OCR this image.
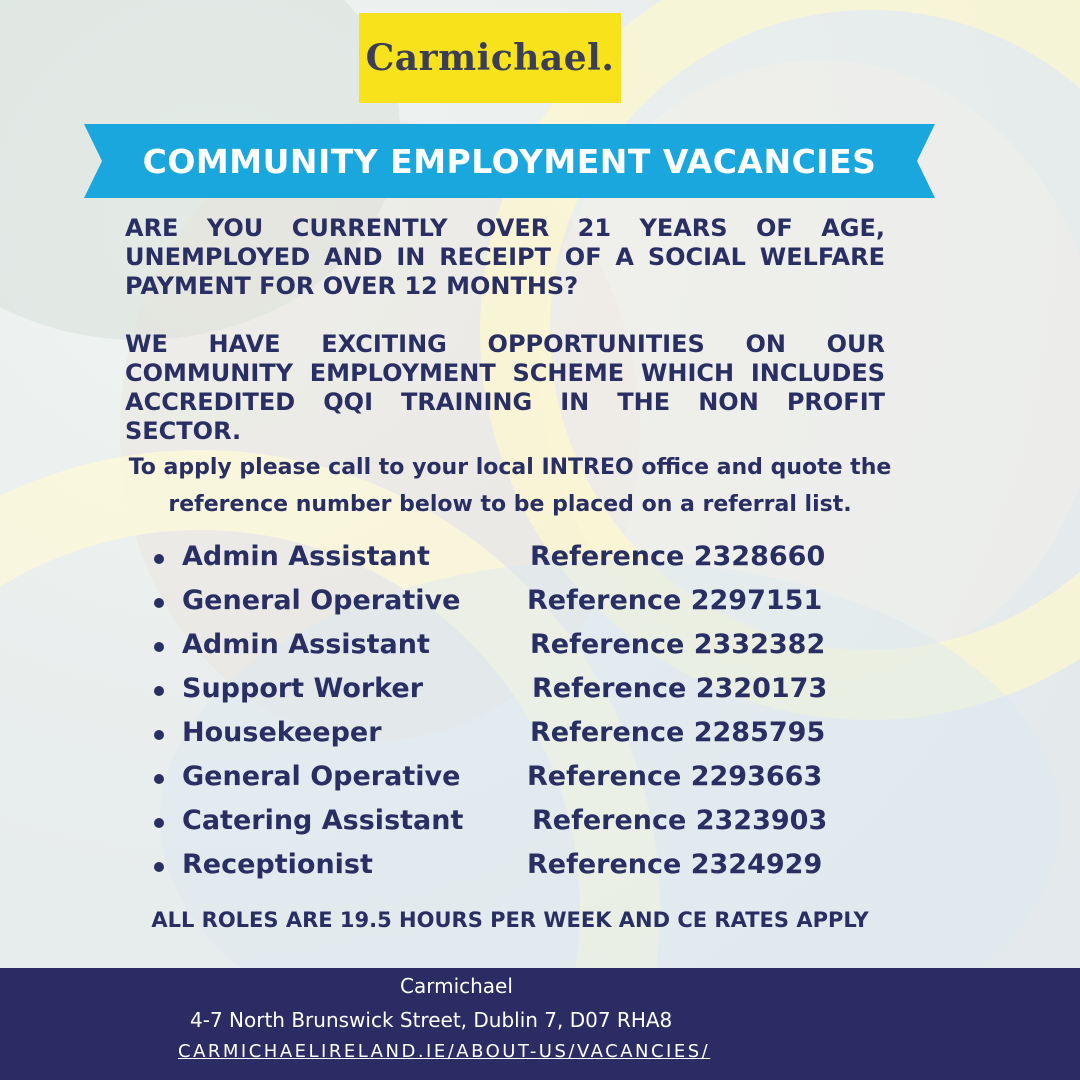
Carmichael.
COMMUNITY EMPLOYMENT VACANCIES
ARE YOU CURRENTLY OVER 21 YEARS OF AGE, UNEMPLOYED AND IN RECEIPT OF A SOCIAL WELFARE PAYMENT FOR OVER 12 MONTHS?
WE HAVE EXCITING OPPORTUNITIES ON OUR COMMUNITY EMPLOYMENT SCHEME WHICH INCLUDES ACCREDITED QQI TRAINING IN THE NON PROFIT SECTOR.
To apply please call to your local INTREO office and quote the reference number below to be placed on a referral list.
Admin Assistant	Reference 2328660
General Operative Reference 2297151
Admin Assistant	Reference 2332382
Support Worker	Reference 2320173
Housekeeper	Reference 2285795
General Operative Reference 2293663
Catering Assistant	Reference 2323903
Receptionist	Reference 2324929
ALL ROLES ARE 19.5 HOURS PER WEEK AND CE RATES APPLY
Carmichael
4-7 North Brunswick Street, Dublin 7, D07 RHA8
CARMICHAELIRELAND.IE/ABOUT-US/VACANCIES/
